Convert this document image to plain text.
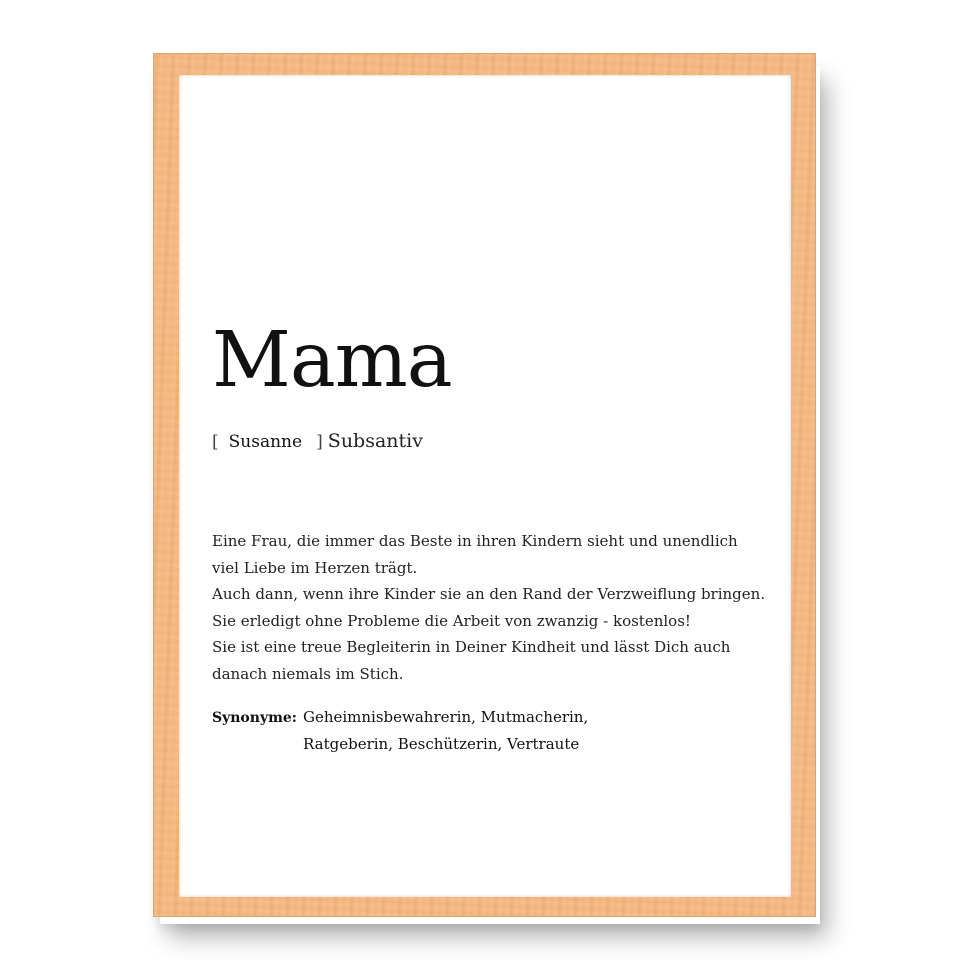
Mama
[ Susanne ] Subsantiv
Eine Frau, die immer das Beste in ihren Kindern sieht und unendlich
viel Liebe im Herzen trägt.
Auch dann, wenn ihre Kinder sie an den Rand der Verzweiflung bringen.
Sie erledigt ohne Probleme die Arbeit von zwanzig - kostenlos!
Sie ist eine treue Begleiterin in Deiner Kindheit und lässt Dich auch
danach niemals im Stich.
Synonyme: Geheimnisbewahrerin, Mutmacherin,
Ratgeberin, Beschützerin, Vertraute
